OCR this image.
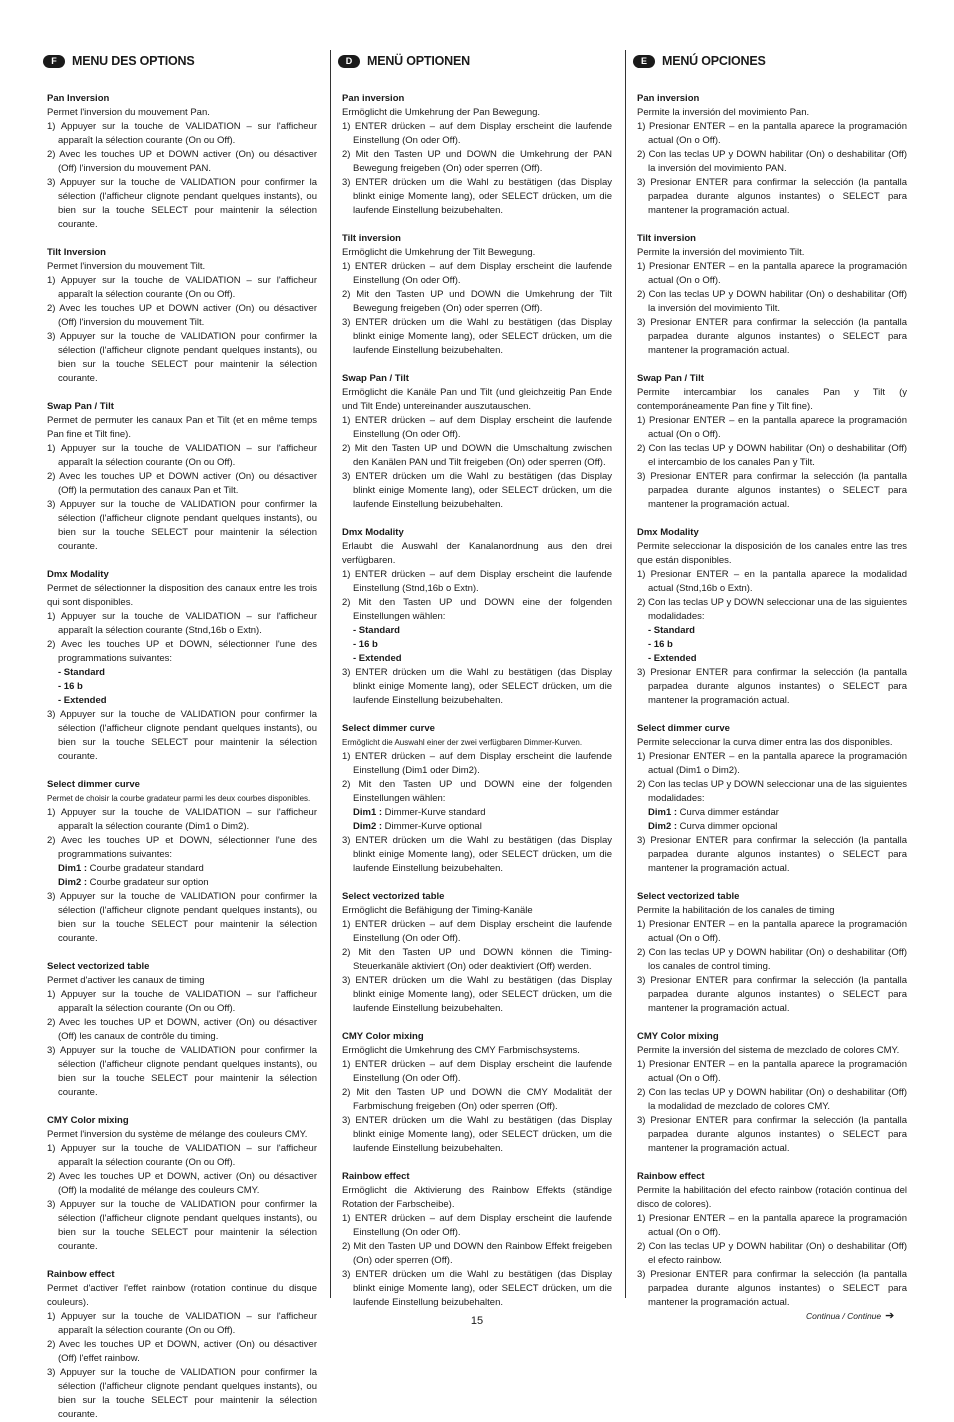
F	MENU DES OPTIONS
Pan Inversion
Permet l'inversion du mouvement Pan.
1) Appuyer sur la touche de VALIDATION – sur l'afficheur apparaît la sélection courante (On ou Off).
2) Avec les touches UP et DOWN activer (On) ou désactiver (Off) l'inversion du mouvement PAN.
3) Appuyer sur la touche de VALIDATION pour confirmer la sélection (l'afficheur clignote pendant quelques instants), ou bien sur la touche SELECT pour maintenir la sélection courante.
Tilt Inversion
Permet l'inversion du mouvement Tilt.
1) Appuyer sur la touche de VALIDATION – sur l'afficheur apparaît la sélection courante (On ou Off).
2) Avec les touches UP et DOWN activer (On) ou désactiver (Off) l'inversion du mouvement Tilt.
3) Appuyer sur la touche de VALIDATION pour confirmer la sélection (l'afficheur clignote pendant quelques instants), ou bien sur la touche SELECT pour maintenir la sélection courante.
Swap Pan / Tilt
Permet de permuter les canaux Pan et Tilt (et en même temps Pan fine et Tilt fine).
1) Appuyer sur la touche de VALIDATION – sur l'afficheur apparaît la sélection courante (On ou Off).
2) Avec les touches UP et DOWN activer (On) ou désactiver (Off) la permutation des canaux Pan et Tilt.
3) Appuyer sur la touche de VALIDATION pour confirmer la sélection (l'afficheur clignote pendant quelques instants), ou bien sur la touche SELECT pour maintenir la sélection courante.
Dmx Modality
Permet de sélectionner la disposition des canaux entre les trois qui sont disponibles.
1) Appuyer sur la touche de VALIDATION – sur l'afficheur apparaît la sélection courante (Stnd,16b o Extn).
2) Avec les touches UP et DOWN, sélectionner l'une des programmations suivantes:
- Standard
- 16 b
- Extended
3) Appuyer sur la touche de VALIDATION pour confirmer la sélection (l'afficheur clignote pendant quelques instants), ou bien sur la touche SELECT pour maintenir la sélection courante.
Select dimmer curve
Permet de choisir la courbe gradateur parmi les deux courbes disponibles.
1) Appuyer sur la touche de VALIDATION – sur l'afficheur apparaît la sélection courante (Dim1 o Dim2).
2) Avec les touches UP et DOWN, sélectionner l'une des programmations suivantes:
Dim1 : Courbe gradateur standard
Dim2 : Courbe gradateur sur option
3) Appuyer sur la touche de VALIDATION pour confirmer la sélection (l'afficheur clignote pendant quelques instants), ou bien sur la touche SELECT pour maintenir la sélection courante.
Select vectorized table
Permet d'activer les canaux de timing
1) Appuyer sur la touche de VALIDATION – sur l'afficheur apparaît la sélection courante (On ou Off).
2) Avec les touches UP et DOWN, activer (On) ou désactiver (Off) les canaux de contrôle du timing.
3) Appuyer sur la touche de VALIDATION pour confirmer la sélection (l'afficheur clignote pendant quelques instants), ou bien sur la touche SELECT pour maintenir la sélection courante.
CMY Color mixing
Permet l'inversion du système de mélange des couleurs CMY.
1) Appuyer sur la touche de VALIDATION – sur l'afficheur apparaît la sélection courante (On ou Off).
2) Avec les touches UP et DOWN, activer (On) ou désactiver (Off) la modalité de mélange des couleurs CMY.
3) Appuyer sur la touche de VALIDATION pour confirmer la sélection (l'afficheur clignote pendant quelques instants), ou bien sur la touche SELECT pour maintenir la sélection courante.
Rainbow effect
Permet d'activer l'effet rainbow (rotation continue du disque couleurs).
1) Appuyer sur la touche de VALIDATION – sur l'afficheur apparaît la sélection courante (On ou Off).
2) Avec les touches UP et DOWN, activer (On) ou désactiver (Off) l'effet rainbow.
3) Appuyer sur la touche de VALIDATION pour confirmer la sélection (l'afficheur clignote pendant quelques instants), ou bien sur la touche SELECT pour maintenir la sélection courante.
D	MENÜ OPTIONEN
Pan inversion
Ermöglicht die Umkehrung der Pan Bewegung.
1) ENTER drücken – auf dem Display erscheint die laufende Einstellung (On oder Off).
2) Mit den Tasten UP und DOWN die Umkehrung der PAN Bewegung freigeben (On) oder sperren (Off).
3) ENTER drücken um die Wahl zu bestätigen (das Display blinkt einige Momente lang), oder SELECT drücken, um die laufende Einstellung beizubehalten.
Tilt inversion
Ermöglicht die Umkehrung der Tilt Bewegung.
1) ENTER drücken – auf dem Display erscheint die laufende Einstellung (On oder Off).
2) Mit den Tasten UP und DOWN die Umkehrung der Tilt Bewegung freigeben (On) oder sperren (Off).
3) ENTER drücken um die Wahl zu bestätigen (das Display blinkt einige Momente lang), oder SELECT drücken, um die laufende Einstellung beizubehalten.
Swap Pan / Tilt
Ermöglicht die Kanäle Pan und Tilt (und gleichzeitig Pan Ende und Tilt Ende) untereinander auszutauschen.
1) ENTER drücken – auf dem Display erscheint die laufende Einstellung (On oder Off).
2) Mit den Tasten UP und DOWN die Umschaltung zwischen den Kanälen PAN und Tilt freigeben (On) oder sperren (Off).
3) ENTER drücken um die Wahl zu bestätigen (das Display blinkt einige Momente lang), oder SELECT drücken, um die laufende Einstellung beizubehalten.
Dmx Modality
Erlaubt die Auswahl der Kanalanordnung aus den drei verfügbaren.
1) ENTER drücken – auf dem Display erscheint die laufende Einstellung (Stnd,16b o Extn).
2) Mit den Tasten UP und DOWN eine der folgenden Einstellungen wählen:
- Standard
- 16 b
- Extended
3) ENTER drücken um die Wahl zu bestätigen (das Display blinkt einige Momente lang), oder SELECT drücken, um die laufende Einstellung beizubehalten.
Select dimmer curve
Ermöglicht die Auswahl einer der zwei verfügbaren Dimmer-Kurven.
1) ENTER drücken – auf dem Display erscheint die laufende Einstellung (Dim1 oder Dim2).
2) Mit den Tasten UP und DOWN eine der folgenden Einstellungen wählen:
Dim1 : Dimmer-Kurve standard
Dim2 : Dimmer-Kurve optional
3) ENTER drücken um die Wahl zu bestätigen (das Display blinkt einige Momente lang), oder SELECT drücken, um die laufende Einstellung beizubehalten.
Select vectorized table
Ermöglicht die Befähigung der Timing-Kanäle
1) ENTER drücken – auf dem Display erscheint die laufende Einstellung (On oder Off).
2) Mit den Tasten UP und DOWN können die Timing-Steuerkanäle aktiviert (On) oder deaktiviert (Off) werden.
3) ENTER drücken um die Wahl zu bestätigen (das Display blinkt einige Momente lang), oder SELECT drücken, um die laufende Einstellung beizubehalten.
CMY Color mixing
Ermöglicht die Umkehrung des CMY Farbmischsystems.
1) ENTER drücken – auf dem Display erscheint die laufende Einstellung (On oder Off).
2) Mit den Tasten UP und DOWN die CMY Modalität der Farbmischung freigeben (On) oder sperren (Off).
3) ENTER drücken um die Wahl zu bestätigen (das Display blinkt einige Momente lang), oder SELECT drücken, um die laufende Einstellung beizubehalten.
Rainbow effect
Ermöglicht die Aktivierung des Rainbow Effekts (ständige Rotation der Farbscheibe).
1) ENTER drücken – auf dem Display erscheint die laufende Einstellung (On oder Off).
2) Mit den Tasten UP und DOWN den Rainbow Effekt freigeben (On) oder sperren (Off).
3) ENTER drücken um die Wahl zu bestätigen (das Display blinkt einige Momente lang), oder SELECT drücken, um die laufende Einstellung beizubehalten.
E	MENÚ OPCIONES
Pan inversion
Permite la inversión del movimiento Pan.
1) Presionar ENTER – en la pantalla aparece la programación actual (On o Off).
2) Con las teclas UP y DOWN habilitar (On) o deshabilitar (Off) la inversión del movimiento PAN.
3) Presionar ENTER para confirmar la selección (la pantalla parpadea durante algunos instantes) o SELECT para mantener la programación actual.
Tilt inversion
Permite la inversión del movimiento Tilt.
1) Presionar ENTER – en la pantalla aparece la programación actual (On o Off).
2) Con las teclas UP y DOWN habilitar (On) o deshabilitar (Off) la inversión del movimiento Tilt.
3) Presionar ENTER para confirmar la selección (la pantalla parpadea durante algunos instantes) o SELECT para mantener la programación actual.
Swap Pan / Tilt
Permite intercambiar los canales Pan y Tilt (y contemporáneamente Pan fine y Tilt fine).
1) Presionar ENTER – en la pantalla aparece la programación actual (On o Off).
2) Con las teclas UP y DOWN habilitar (On) o deshabilitar (Off) el intercambio de los canales Pan y Tilt.
3) Presionar ENTER para confirmar la selección (la pantalla parpadea durante algunos instantes) o SELECT para mantener la programación actual.
Dmx Modality
Permite seleccionar la disposición de los canales entre las tres que están disponibles.
1) Presionar ENTER – en la pantalla aparece la modalidad actual (Stnd,16b o Extn).
2) Con las teclas UP y DOWN seleccionar una de las siguientes modalidades:
- Standard
- 16 b
- Extended
3) Presionar ENTER para confirmar la selección (la pantalla parpadea durante algunos instantes) o SELECT para mantener la programación actual.
Select dimmer curve
Permite seleccionar la curva dimer entra las dos disponibles.
1) Presionar ENTER – en la pantalla aparece la programación actual (Dim1 o Dim2).
2) Con las teclas UP y DOWN seleccionar una de las siguientes modalidades:
Dim1 : Curva dimmer estándar
Dim2 : Curva dimmer opcional
3) Presionar ENTER para confirmar la selección (la pantalla parpadea durante algunos instantes) o SELECT para mantener la programación actual.
Select vectorized table
Permite la habilitación de los canales de timing
1) Presionar ENTER – en la pantalla aparece la programación actual (On o Off).
2) Con las teclas UP y DOWN habilitar (On) o deshabilitar (Off) los canales de control timing.
3) Presionar ENTER para confirmar la selección (la pantalla parpadea durante algunos instantes) o SELECT para mantener la programación actual.
CMY Color mixing
Permite la inversión del sistema de mezclado de colores CMY.
1) Presionar ENTER – en la pantalla aparece la programación actual (On o Off).
2) Con las teclas UP y DOWN habilitar (On) o deshabilitar (Off) la modalidad de mezclado de colores CMY.
3) Presionar ENTER para confirmar la selección (la pantalla parpadea durante algunos instantes) o SELECT para mantener la programación actual.
Rainbow effect
Permite la habilitación del efecto rainbow (rotación continua del disco de colores).
1) Presionar ENTER – en la pantalla aparece la programación actual (On o Off).
2) Con las teclas UP y DOWN habilitar (On) o deshabilitar (Off) el efecto rainbow.
3) Presionar ENTER para confirmar la selección (la pantalla parpadea durante algunos instantes) o SELECT para mantener la programación actual.
15	Continua / Continue ➔
